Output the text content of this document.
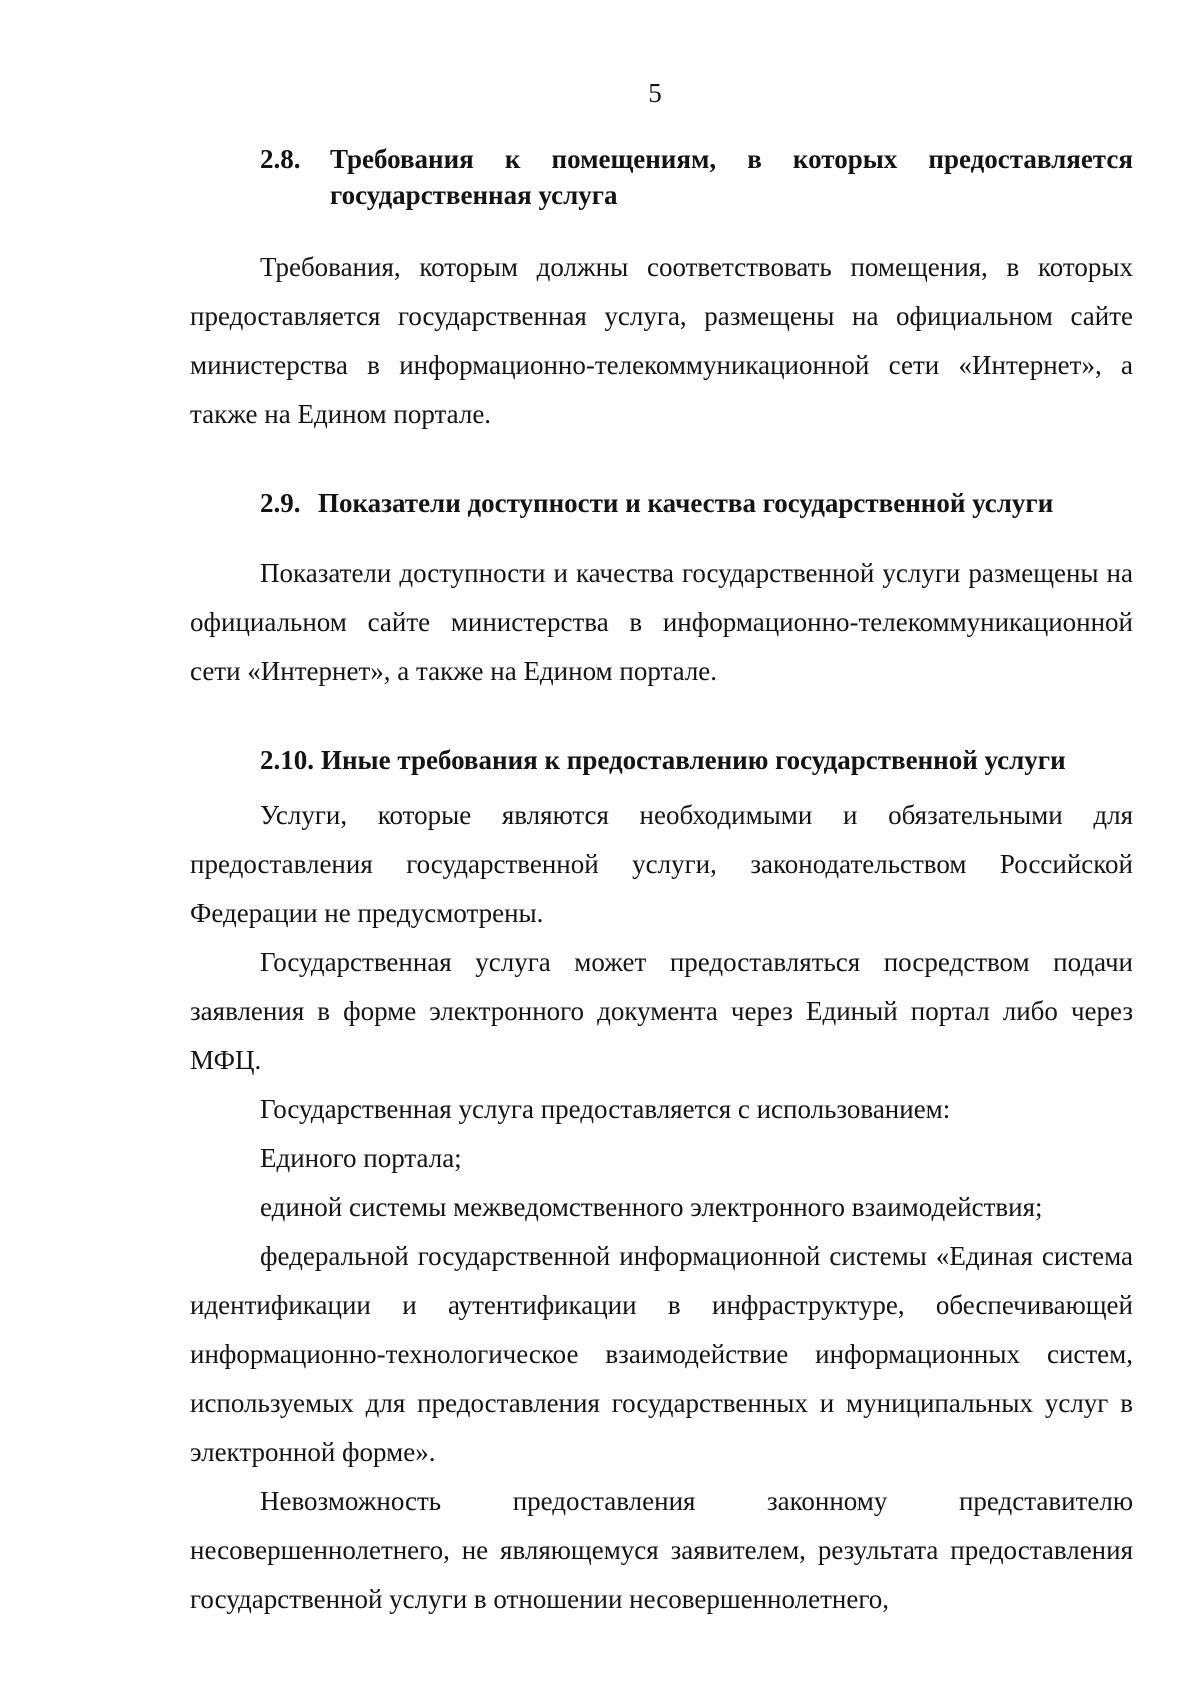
5
2.8.	Требования к помещениям, в которых предоставляется государственная услуга

Требования, которым должны соответствовать помещения, в которых предоставляется государственная услуга, размещены на официальном сайте министерства в информационно-телекоммуникационной сети «Интернет», а также на Едином портале.

2.9. Показатели доступности и качества государственной услуги

Показатели доступности и качества государственной услуги размещены на официальном сайте министерства в информационно-телекоммуникационной сети «Интернет», а также на Едином портале.

2.10. Иные требования к предоставлению государственной услуги

Услуги, которые являются необходимыми и обязательными для предоставления государственной услуги, законодательством Российской Федерации не предусмотрены.

Государственная услуга может предоставляться посредством подачи заявления в форме электронного документа через Единый портал либо через МФЦ.

Государственная услуга предоставляется с использованием:

Единого портала;

единой системы межведомственного электронного взаимодействия;

федеральной государственной информационной системы «Единая система идентификации и аутентификации в инфраструктуре, обеспечивающей информационно-технологическое взаимодействие информационных систем, используемых для предоставления государственных и муниципальных услуг в электронной форме».

Невозможность предоставления законному представителю несовершеннолетнего, не являющемуся заявителем, результата предоставления государственной услуги в отношении несовершеннолетнего,
